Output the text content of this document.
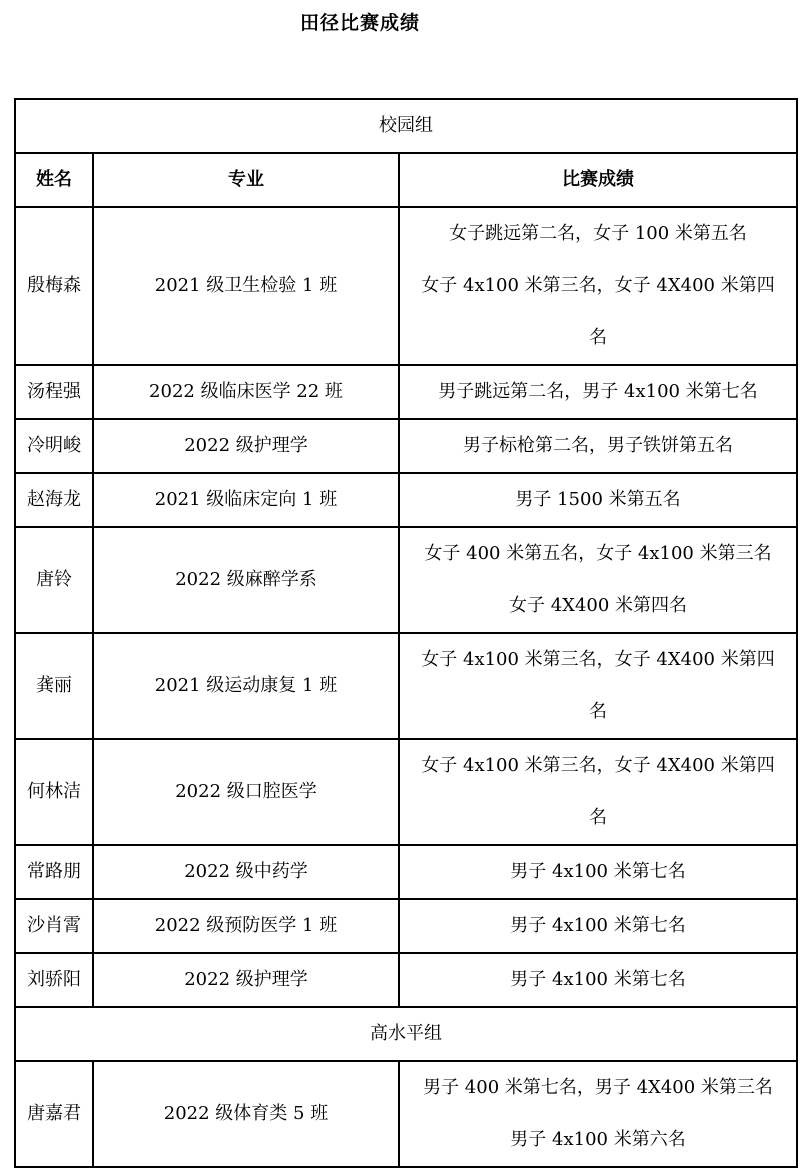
田径比赛成绩
校园组		
姓名	专业	比赛成绩
殷梅森	2021 级卫生检验 1 班	女子跳远第二名，女子 100 米第五名
女子 4x100 米第三名，女子 4X400 米第四
名

汤程强	2022 级临床医学 22 班	男子跳远第二名，男子 4x100 米第七名

冷明峻	2022 级护理学	男子标枪第二名，男子铁饼第五名

赵海龙	2021 级临床定向 1 班	男子 1500 米第五名

唐铃	2022 级麻醉学系	女子 400 米第五名，女子 4x100 米第三名
女子 4X400 米第四名

龚丽	2021 级运动康复 1 班	女子 4x100 米第三名，女子 4X400 米第四
名

何林洁	2022 级口腔医学	女子 4x100 米第三名，女子 4X400 米第四
名

常路朋	2022 级中药学	男子 4x100 米第七名

沙肖霄	2022 级预防医学 1 班	男子 4x100 米第七名

刘骄阳	2022 级护理学	男子 4x100 米第七名

高水平组		
唐嘉君	2022 级体育类 5 班	男子 400 米第七名，男子 4X400 米第三名
男子 4x100 米第六名
